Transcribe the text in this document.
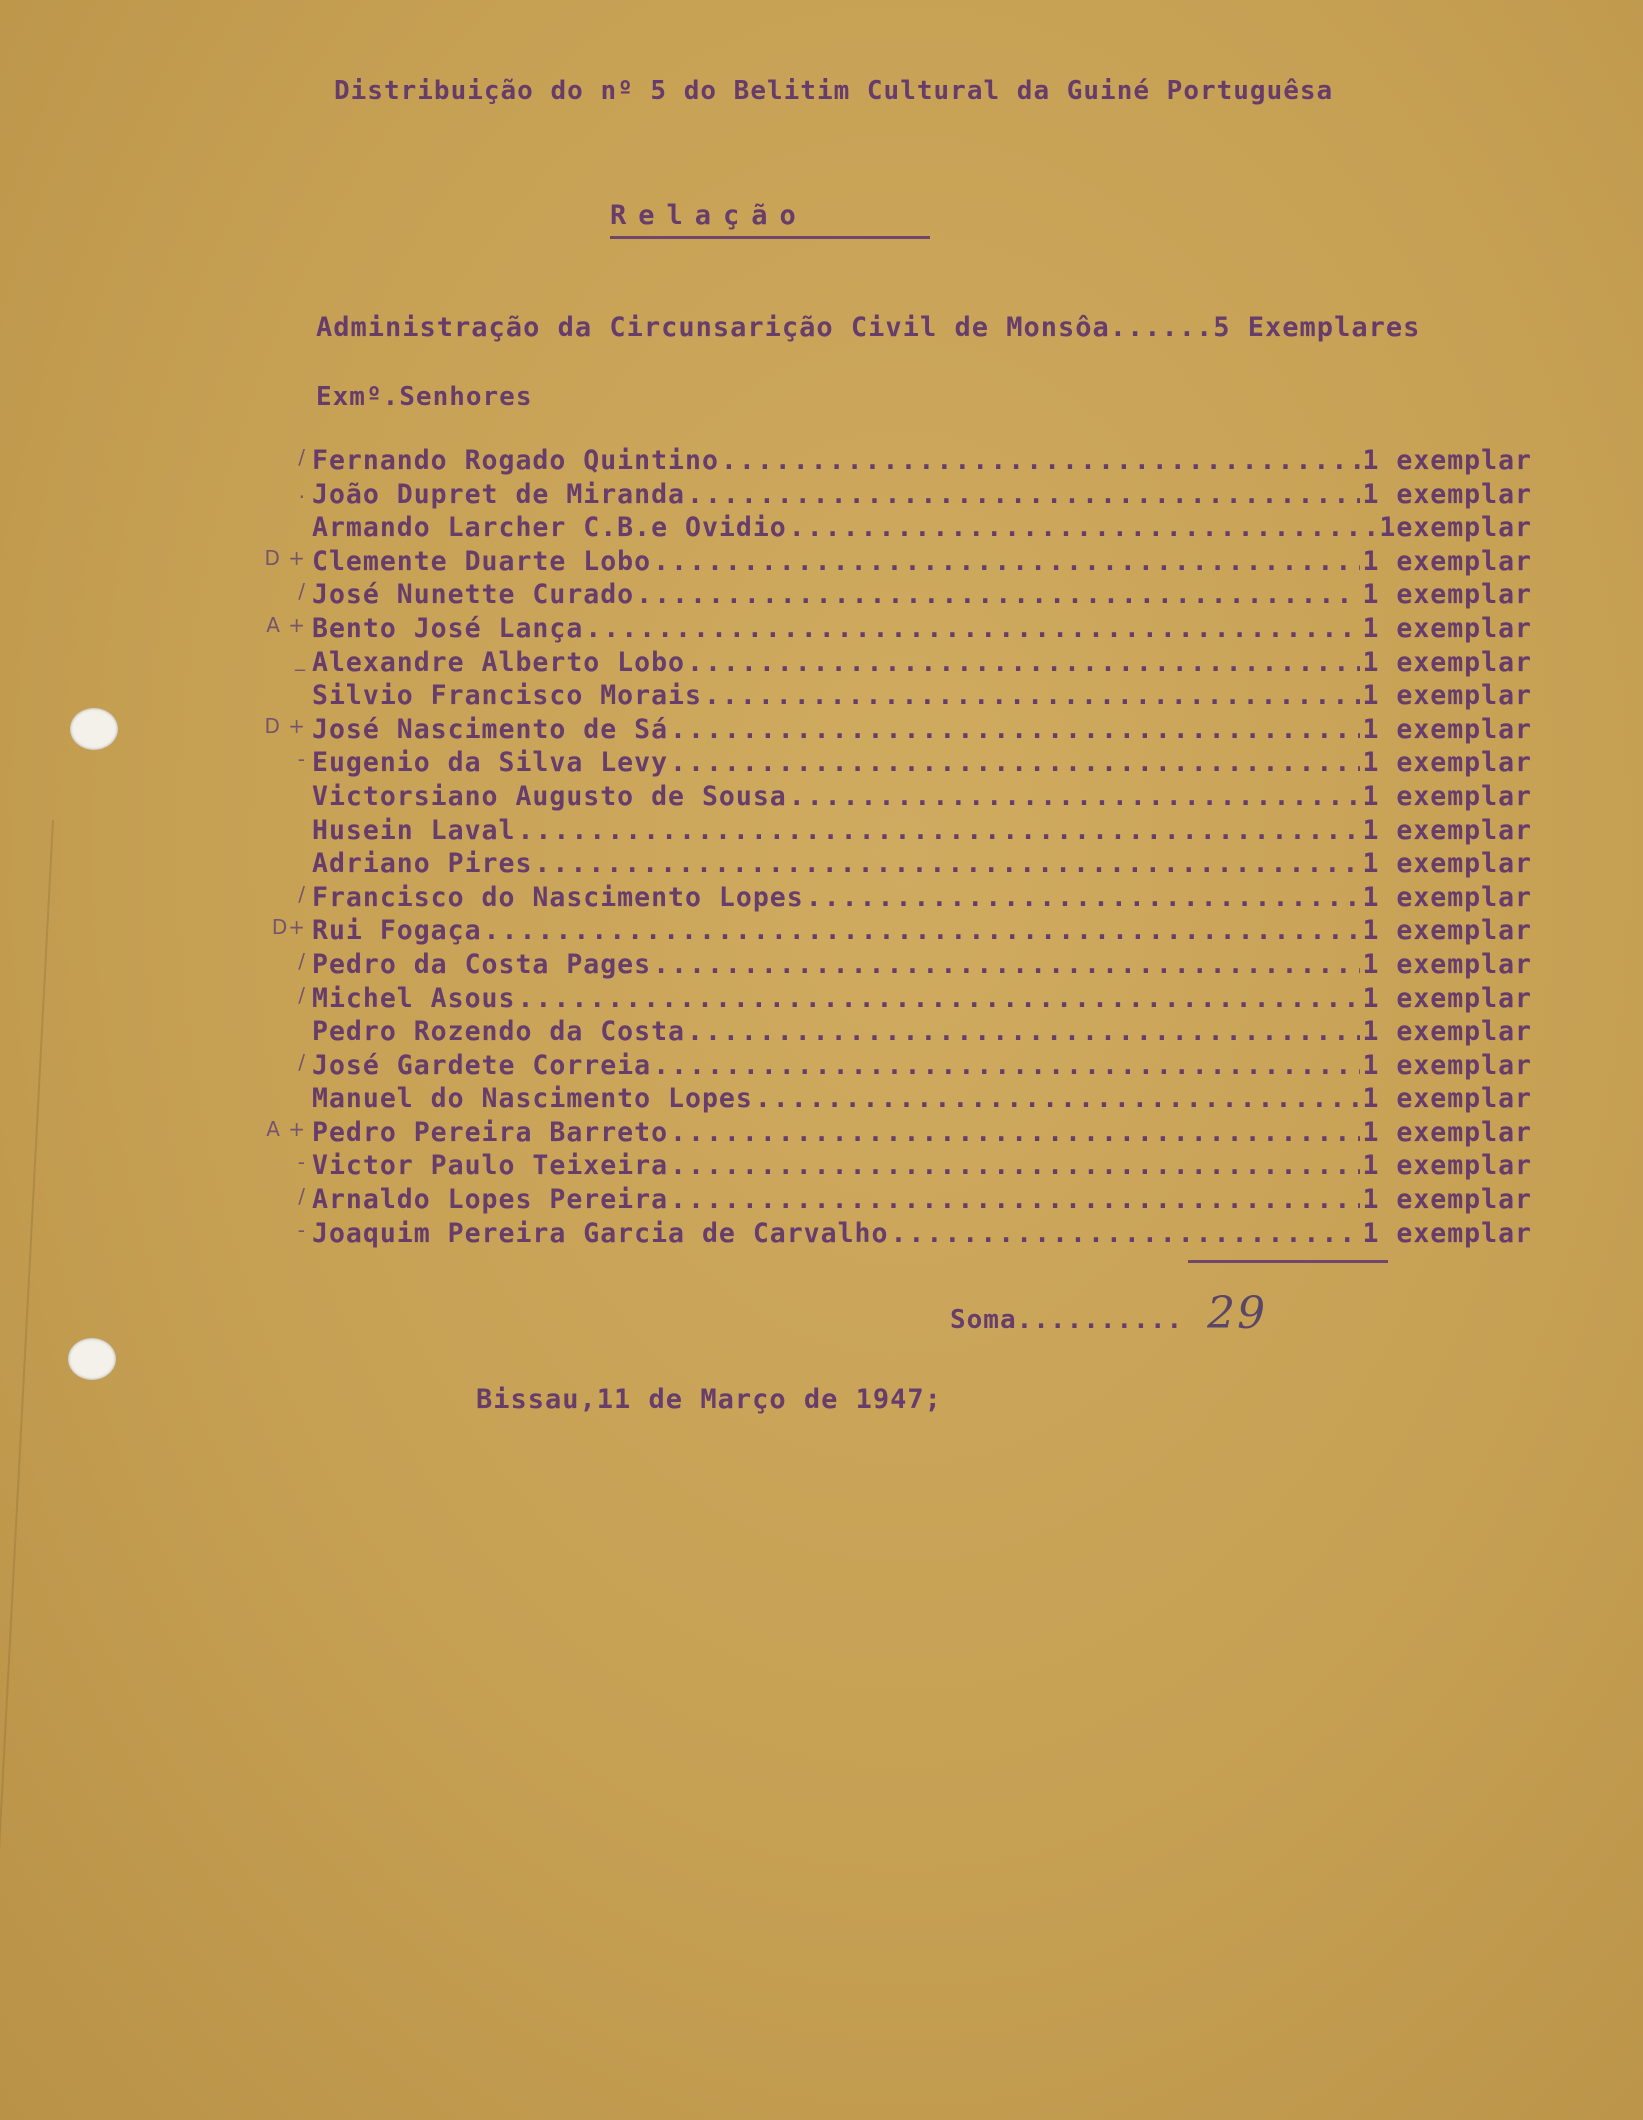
Distribuição do nº 5 do Belitim Cultural da Guiné Portuguêsa
Relação
Administração da Circunsarição Civil de Monsôa......5 Exemplares
Exmº.Senhores
/ Fernando Rogado Quintino .....	1 exemplar
. João Dupret de Miranda .....	1 exemplar
Armando Larcher C.B.e Ovidio .....	1exemplar
D + Clemente Duarte Lobo .....	1 exemplar
/ José Nunette Curado .....	1 exemplar
A + Bento José Lança .....	1 exemplar
_ Alexandre Alberto Lobo .....	1 exemplar
Silvio Francisco Morais .....	1 exemplar
D + José Nascimento de Sá .....	1 exemplar
- Eugenio da Silva Levy .....	1 exemplar
Victorsiano Augusto de Sousa .....	1 exemplar
Husein Laval .....	1 exemplar
Adriano Pires .....	1 exemplar
/ Francisco do Nascimento Lopes .....	1 exemplar
D+ Rui Fogaça .....	1 exemplar
/ Pedro da Costa Pages .....	1 exemplar
/ Michel Asous .....	1 exemplar
Pedro Rozendo da Costa .....	1 exemplar
/ José Gardete Correia .....	1 exemplar
Manuel do Nascimento Lopes .....	1 exemplar
A + Pedro Pereira Barreto .....	1 exemplar
- Victor Paulo Teixeira .....	1 exemplar
/ Arnaldo Lopes Pereira .....	1 exemplar
- Joaquim Pereira Garcia de Carvalho .....	1 exemplar
Soma.......... 29
Bissau,11 de Março de 1947;
